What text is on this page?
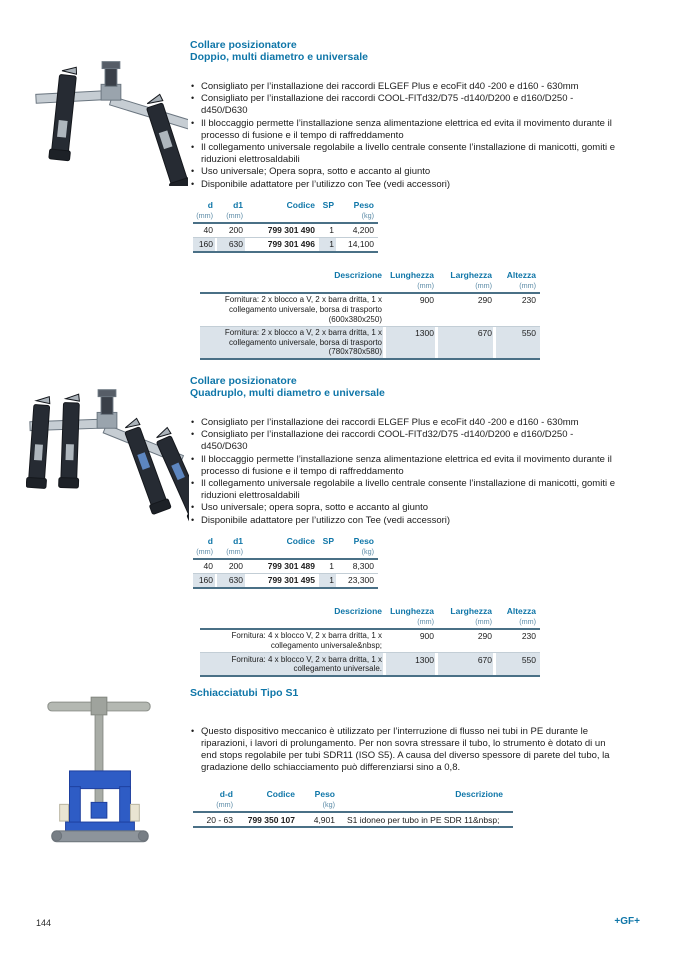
Collare posizionatore
Doppio, multi diametro e universale
• Consigliato per l’installazione dei raccordi ELGEF Plus e ecoFit d40 -200 e d160 - 630mm
• Consigliato per l’installazione dei raccordi COOL-FITd32/D75 -d140/D200 e d160/D250 - d450/D630
• Il bloccaggio permette l’installazione senza alimentazione elettrica ed evita il movimento durante il processo di fusione e il tempo di raffreddamento
• Il collegamento universale regolabile a livello centrale consente l’installazione di manicotti, gomiti e riduzioni elettrosaldabili
• Uso universale; Opera sopra, sotto e accanto al giunto
• Disponibile adattatore per l’utilizzo con Tee (vedi accessori)
d	d1	Codice	SP	Peso
(mm)	(mm)			(kg)
40	200	799 301 490	1	4,200
160	630	799 301 496	1	14,100
Descrizione	Lunghezza	Larghezza	Altezza
	(mm)	(mm)	(mm)
Fornitura: 2 x blocco a V, 2 x barra dritta, 1 x collegamento universale, borsa di trasporto (600x380x250)	900	290	230
Fornitura: 2 x blocco a V, 2 x barra dritta, 1 x collegamento universale, borsa di trasporto (780x780x580)	1300	670	550
Collare posizionatore
Quadruplo, multi diametro e universale
• Consigliato per l’installazione dei raccordi ELGEF Plus e ecoFit d40 -200 e d160 - 630mm
• Consigliato per l’installazione dei raccordi COOL-FITd32/D75 -d140/D200 e d160/D250 - d450/D630
• Il bloccaggio permette l’installazione senza alimentazione elettrica ed evita il movimento durante il processo di fusione e il tempo di raffreddamento
• Il collegamento universale regolabile a livello centrale consente l’installazione di manicotti, gomiti e riduzioni elettrosaldabili
• Uso universale; opera sopra, sotto e accanto al giunto
• Disponibile adattatore per l’utilizzo con Tee (vedi accessori)
d	d1	Codice	SP	Peso
(mm)	(mm)			(kg)
40	200	799 301 489	1	8,300
160	630	799 301 495	1	23,300
Descrizione	Lunghezza	Larghezza	Altezza
	(mm)	(mm)	(mm)
Fornitura: 4 x blocco V, 2 x barra dritta, 1 x collegamento universale&nbsp;	900	290	230
Fornitura: 4 x blocco V, 2 x barra dritta, 1 x collegamento universale.	1300	670	550
Schiacciatubi Tipo S1
• Questo dispositivo meccanico è utilizzato per l’interruzione di flusso nei tubi in PE durante le riparazioni, i lavori di prolungamento. Per non sovra stressare il tubo, lo strumento è dotato di un end stops regolabile per tubi SDR11 (ISO S5). A causa del diverso spessore di parete del tubo, la gradazione dello schiacciamento può differenziarsi sino a 0,8.
d-d	Codice	Peso	Descrizione
(mm)		(kg)	
20 - 63	799 350 107	4,901	S1 idoneo per tubo in PE SDR 11&nbsp;
144	+GF+
